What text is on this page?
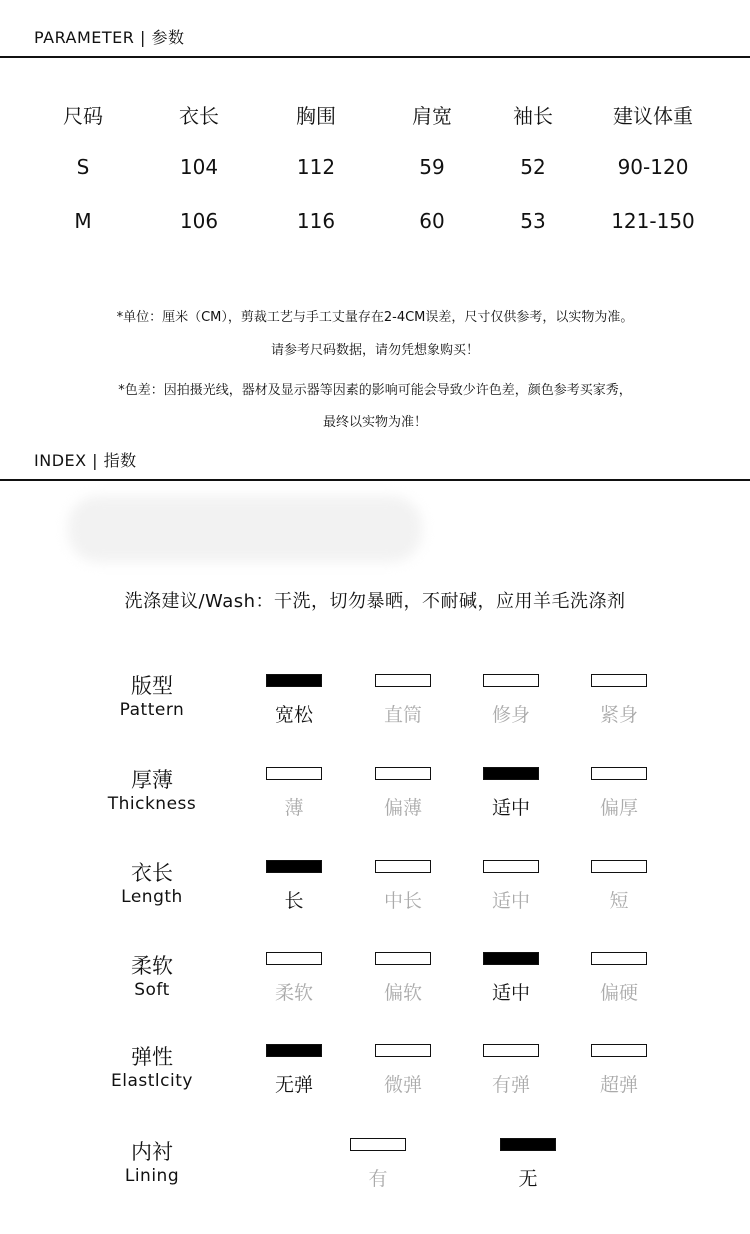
PARAMETER | 参数
尺码	衣长	胸围	肩宽	袖长	建议体重
S	104	112	59	52	90-120
M	106	116	60	53	121-150
*单位：厘米（CM），剪裁工艺与手工丈量存在2-4CM误差，尺寸仅供参考，以实物为准。
请参考尺码数据，请勿凭想象购买！
*色差：因拍摄光线，器材及显示器等因素的影响可能会导致少许色差，颜色参考买家秀，
最终以实物为准！
INDEX | 指数
洗涤建议/Wash：干洗，切勿暴晒，不耐碱，应用羊毛洗涤剂
版型
Pattern	宽松	直筒	修身	紧身
厚薄
Thickness	薄	偏薄	适中	偏厚
衣长
Length	长	中长	适中	短
柔软
Soft	柔软	偏软	适中	偏硬
弹性
Elastlcity	无弹	微弹	有弹	超弹
内衬
Lining	有	无
